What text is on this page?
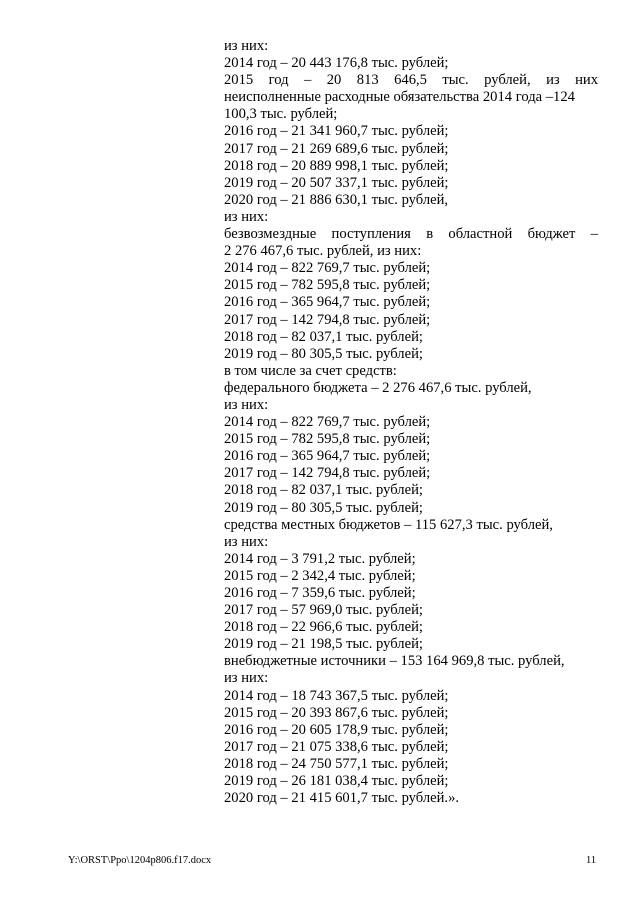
из них:
2014 год – 20 443 176,8 тыс. рублей;
2015 год – 20 813 646,5 тыс. рублей, из них
неисполненные расходные обязательства 2014 года –124
100,3 тыс. рублей;
2016 год – 21 341 960,7 тыс. рублей;
2017 год – 21 269 689,6 тыс. рублей;
2018 год – 20 889 998,1 тыс. рублей;
2019 год – 20 507 337,1 тыс. рублей;
2020 год – 21 886 630,1 тыс. рублей,
из них:
безвозмездные поступления в областной бюджет –
2 276 467,6 тыс. рублей, из них:
2014 год – 822 769,7 тыс. рублей;
2015 год – 782 595,8 тыс. рублей;
2016 год – 365 964,7 тыс. рублей;
2017 год – 142 794,8 тыс. рублей;
2018 год – 82 037,1 тыс. рублей;
2019 год – 80 305,5 тыс. рублей;
в том числе за счет средств:
федерального бюджета – 2 276 467,6 тыс. рублей,
из них:
2014 год – 822 769,7 тыс. рублей;
2015 год – 782 595,8 тыс. рублей;
2016 год – 365 964,7 тыс. рублей;
2017 год – 142 794,8 тыс. рублей;
2018 год – 82 037,1 тыс. рублей;
2019 год – 80 305,5 тыс. рублей;
средства местных бюджетов – 115 627,3 тыс. рублей,
из них:
2014 год – 3 791,2 тыс. рублей;
2015 год – 2 342,4 тыс. рублей;
2016 год – 7 359,6 тыс. рублей;
2017 год – 57 969,0 тыс. рублей;
2018 год – 22 966,6 тыс. рублей;
2019 год – 21 198,5 тыс. рублей;
внебюджетные источники – 153 164 969,8 тыс. рублей,
из них:
2014 год – 18 743 367,5 тыс. рублей;
2015 год – 20 393 867,6 тыс. рублей;
2016 год – 20 605 178,9 тыс. рублей;
2017 год – 21 075 338,6 тыс. рублей;
2018 год – 24 750 577,1 тыс. рублей;
2019 год – 26 181 038,4 тыс. рублей;
2020 год – 21 415 601,7 тыс. рублей.».
Y:\ORST\Ppo\1204p806.f17.docx	11
